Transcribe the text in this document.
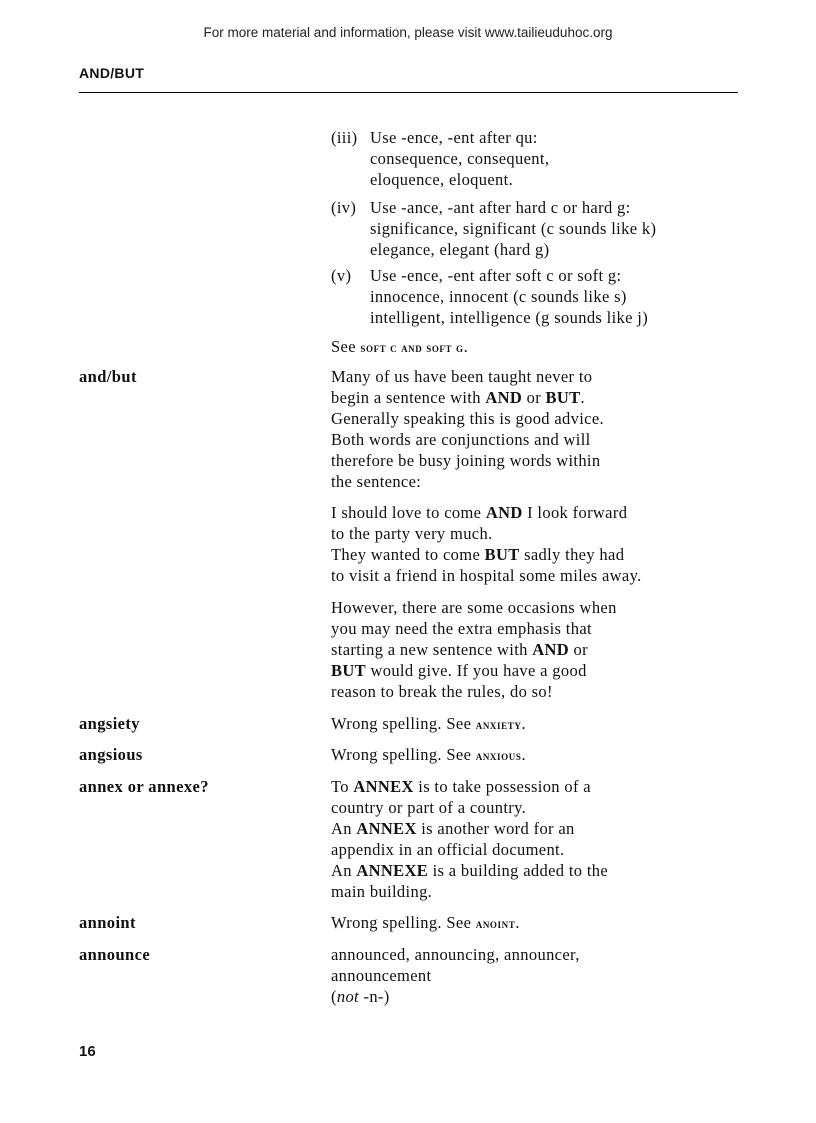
For more material and information, please visit www.tailieuduhoc.org
AND/BUT
(iii) Use -ence, -ent after qu:

consequence, consequent,

eloquence, eloquent.

(iv) Use -ance, -ant after hard c or hard g:

significance, significant (c sounds like k)

elegance, elegant (hard g)

(v) Use -ence, -ent after soft c or soft g:

innocence, innocent (c sounds like s)

intelligent, intelligence (g sounds like j)

See soft c and soft g.
and/but	Many of us have been taught never to

begin a sentence with AND or BUT.

Generally speaking this is good advice.

Both words are conjunctions and will

therefore be busy joining words within

the sentence:

I should love to come AND I look forward

to the party very much.

They wanted to come BUT sadly they had

to visit a friend in hospital some miles away.

However, there are some occasions when

you may need the extra emphasis that

starting a new sentence with AND or

BUT would give. If you have a good

reason to break the rules, do so!

angsiety	Wrong spelling. See anxiety.
angsious	Wrong spelling. See anxious.
annex or annexe?	To ANNEX is to take possession of a

country or part of a country.

An ANNEX is another word for an

appendix in an official document.

An ANNEXE is a building added to the

main building.

annoint	Wrong spelling. See anoint.
announce	announced, announcing, announcer,

announcement

(not -n-)

16
